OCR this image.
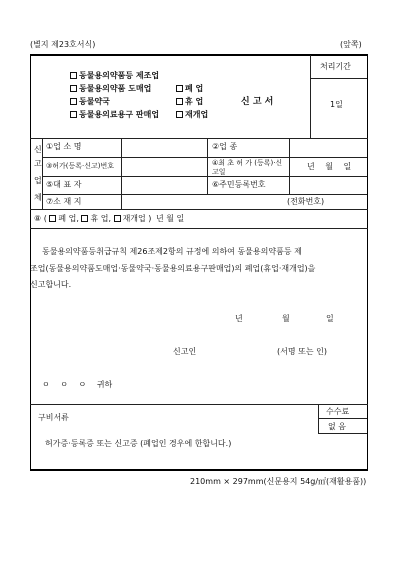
(별지 제23호서식)	(앞쪽)
동물용의약품등 제조업
동물용의약품 도매업
동물약국
동물용의료용구 판매업
폐 업
휴 업
재개업
신 고 서
처리기간
1일
신
고
업
체
①업 소 명	②업 종
③허가(등록·신고)번호	④최 초 허 가 (등록)·신고일
년 월 일
⑤대 표 자	⑥주민등록번호
⑦소 재 지	(전화번호)
⑧ ( 폐 업, 휴 업, 재개업 ) 년 월 일
동물용의약품등취급규칙 제26조제2항의 규정에 의하여 동물용의약품등 제
조업(동물용의약품도매업·동물약국·동물용의료용구판매업)의 폐업(휴업·재개업)을
신고합니다.
년	월	일
신고인	(서명 또는 인)
ㅇ ㅇ ㅇ 귀하
구비서류
수수료
없 음
허가증·등록증 또는 신고증 (폐업인 경우에 한합니다.)
210mm × 297mm(신문용지 54g/㎡(재활용품))
